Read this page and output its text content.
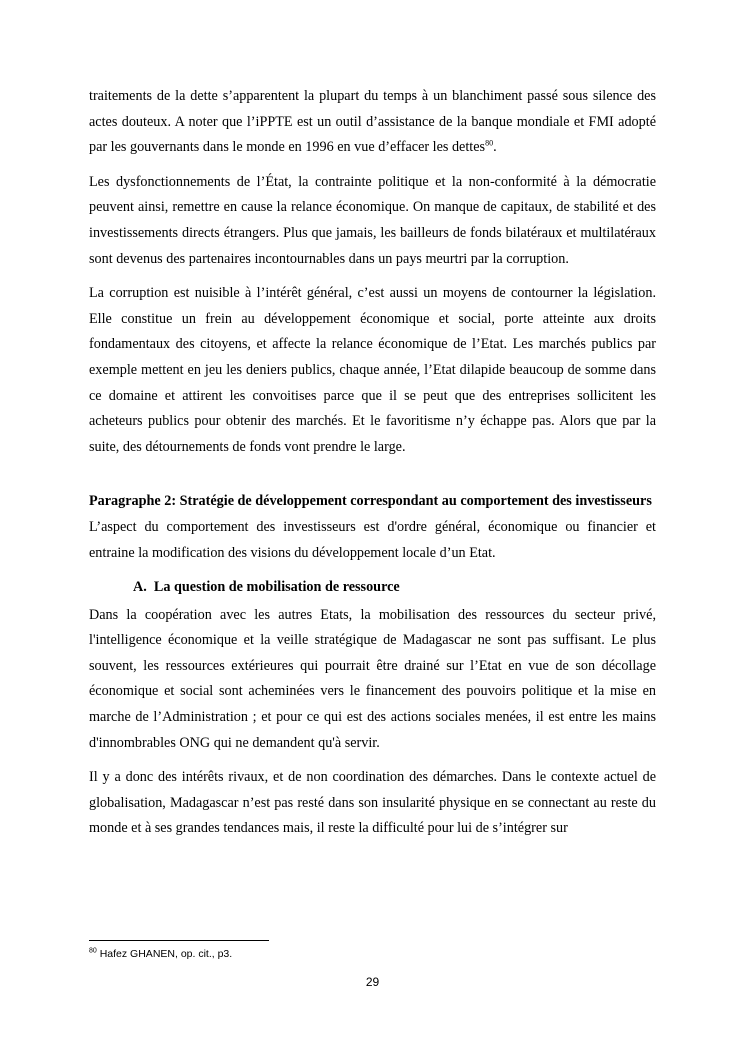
traitements de la dette s’apparentent la plupart du temps à un blanchiment passé sous silence des actes douteux. A noter que l’iPPTE est un outil d’assistance de la banque mondiale et FMI adopté par les gouvernants dans le monde en 1996 en vue d’effacer les dettes$^{80}$.

Les dysfonctionnements de l’État, la contrainte politique et la non-conformité à la démocratie peuvent ainsi, remettre en cause la relance économique. On manque de capitaux, de stabilité et des investissements directs étrangers. Plus que jamais, les bailleurs de fonds bilatéraux et multilatéraux sont devenus des partenaires incontournables dans un pays meurtri par la corruption.

La corruption est nuisible à l’intérêt général, c’est aussi un moyens de contourner la législation. Elle constitue un frein au développement économique et social, porte atteinte aux droits fondamentaux des citoyens, et affecte la relance économique de l’Etat. Les marchés publics par exemple mettent en jeu les deniers publics, chaque année, l’Etat dilapide beaucoup de somme dans ce domaine et attirent les convoitises parce que il se peut que des entreprises sollicitent les acheteurs publics pour obtenir des marchés. Et le favoritisme n’y échappe pas. Alors que par la suite, des détournements de fonds vont prendre le large.

Paragraphe 2: Stratégie de développement correspondant au comportement des investisseurs

L’aspect du comportement des investisseurs est d'ordre général, économique ou financier et entraine la modification des visions du développement locale d’un Etat.

A. La question de mobilisation de ressource

Dans la coopération avec les autres Etats, la mobilisation des ressources du secteur privé, l'intelligence économique et la veille stratégique de Madagascar ne sont pas suffisant. Le plus souvent, les ressources extérieures qui pourrait être drainé sur l’Etat en vue de son décollage économique et social sont acheminées vers le financement des pouvoirs politique et la mise en marche de l’Administration ; et pour ce qui est des actions sociales menées, il est entre les mains d'innombrables ONG qui ne demandent qu'à servir.

Il y a donc des intérêts rivaux, et de non coordination des démarches. Dans le contexte actuel de globalisation, Madagascar n’est pas resté dans son insularité physique en se connectant au reste du monde et à ses grandes tendances mais, il reste la difficulté pour lui de s’intégrer sur

$^{80}$ Hafez GHANEN, op. cit., p3.
29
